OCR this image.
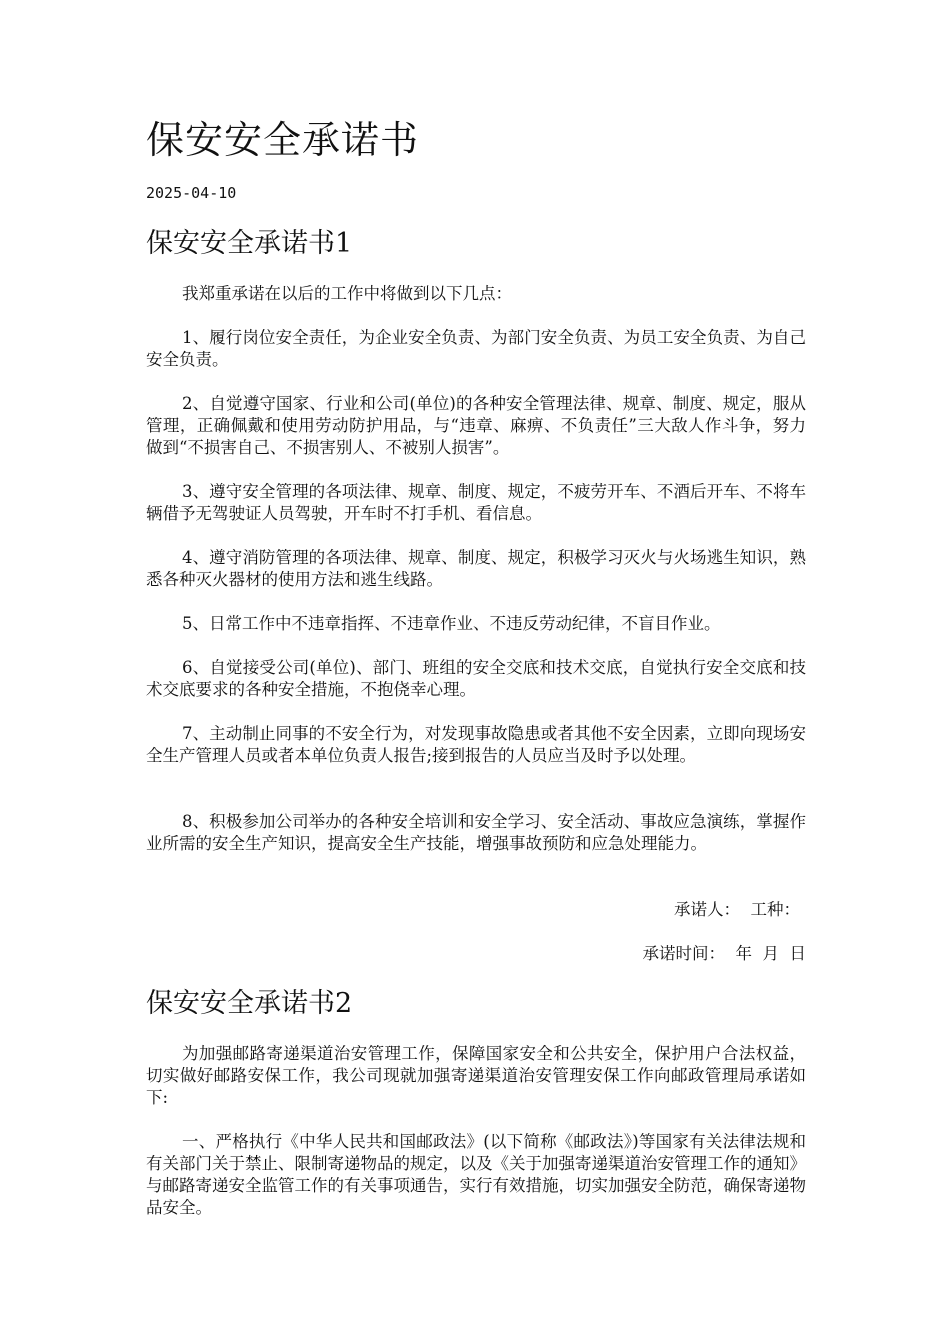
保安安全承诺书

2025-04-10

保安安全承诺书1

我郑重承诺在以后的工作中将做到以下几点：

1、履行岗位安全责任，为企业安全负责、为部门安全负责、为员工安全负责、为自己安全负责。

2、自觉遵守国家、行业和公司(单位)的各种安全管理法律、规章、制度、规定，服从管理，正确佩戴和使用劳动防护用品，与“违章、麻痹、不负责任”三大敌人作斗争，努力做到“不损害自己、不损害别人、不被别人损害”。

3、遵守安全管理的各项法律、规章、制度、规定，不疲劳开车、不酒后开车、不将车辆借予无驾驶证人员驾驶，开车时不打手机、看信息。

4、遵守消防管理的各项法律、规章、制度、规定，积极学习灭火与火场逃生知识，熟悉各种灭火器材的使用方法和逃生线路。

5、日常工作中不违章指挥、不违章作业、不违反劳动纪律，不盲目作业。

6、自觉接受公司(单位)、部门、班组的安全交底和技术交底，自觉执行安全交底和技术交底要求的各种安全措施，不抱侥幸心理。

7、主动制止同事的不安全行为，对发现事故隐患或者其他不安全因素，立即向现场安全生产管理人员或者本单位负责人报告;接到报告的人员应当及时予以处理。

8、积极参加公司举办的各种安全培训和安全学习、安全活动、事故应急演练，掌握作业所需的安全生产知识，提高安全生产技能，增强事故预防和应急处理能力。

承诺人：  工种：

承诺时间：  年  月  日

保安安全承诺书2

为加强邮路寄递渠道治安管理工作，保障国家安全和公共安全，保护用户合法权益，切实做好邮路安保工作，我公司现就加强寄递渠道治安管理安保工作向邮政管理局承诺如下:

一、严格执行《中华人民共和国邮政法》(以下简称《邮政法》)等国家有关法律法规和有关部门关于禁止、限制寄递物品的规定，以及《关于加强寄递渠道治安管理工作的通知》与邮路寄递安全监管工作的有关事项通告，实行有效措施，切实加强安全防范，确保寄递物品安全。
